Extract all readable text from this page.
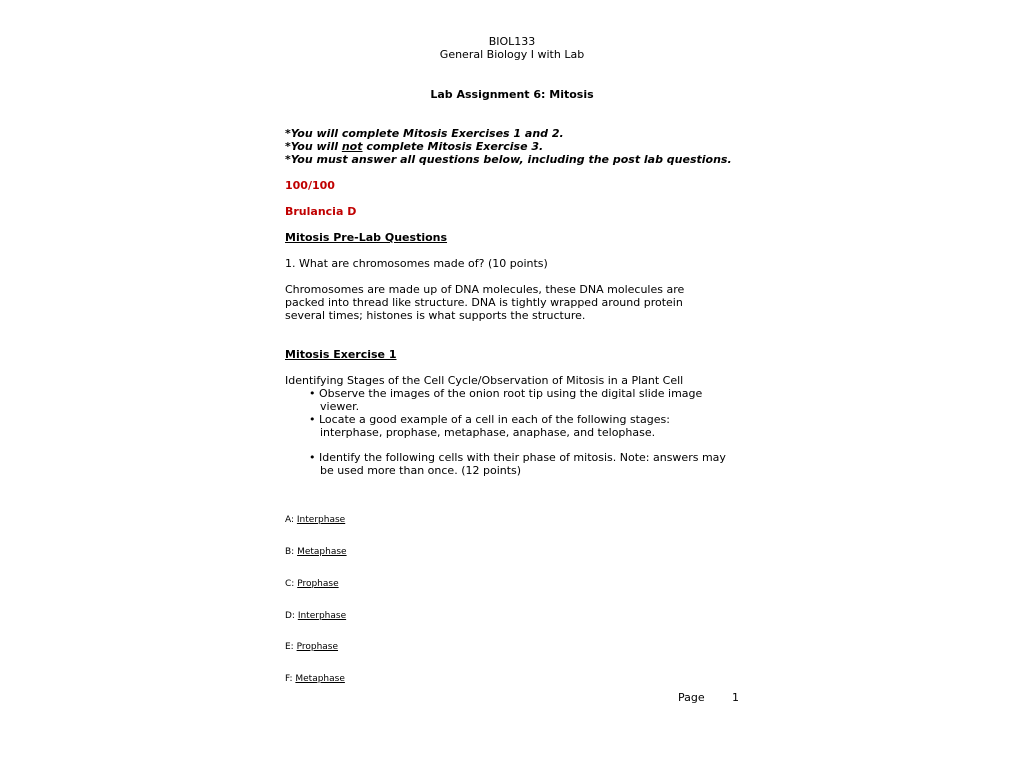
BIOL133
General Biology I with Lab
Lab Assignment 6: Mitosis
*You will complete Mitosis Exercises 1 and 2.
*You will not complete Mitosis Exercise 3.
*You must answer all questions below, including the post lab questions.
100/100
Brulancia D
Mitosis Pre-Lab Questions
1. What are chromosomes made of? (10 points)
Chromosomes are made up of DNA molecules, these DNA molecules are packed into thread like structure. DNA is tightly wrapped around protein several times; histones is what supports the structure.
Mitosis Exercise 1
Identifying Stages of the Cell Cycle/Observation of Mitosis in a Plant Cell
• Observe the images of the onion root tip using the digital slide image viewer.
• Locate a good example of a cell in each of the following stages: interphase, prophase, metaphase, anaphase, and telophase.
• Identify the following cells with their phase of mitosis. Note: answers may be used more than once. (12 points)
A: Interphase
B: Metaphase
C: Prophase
D: Interphase
E: Prophase
F: Metaphase
Page 1
